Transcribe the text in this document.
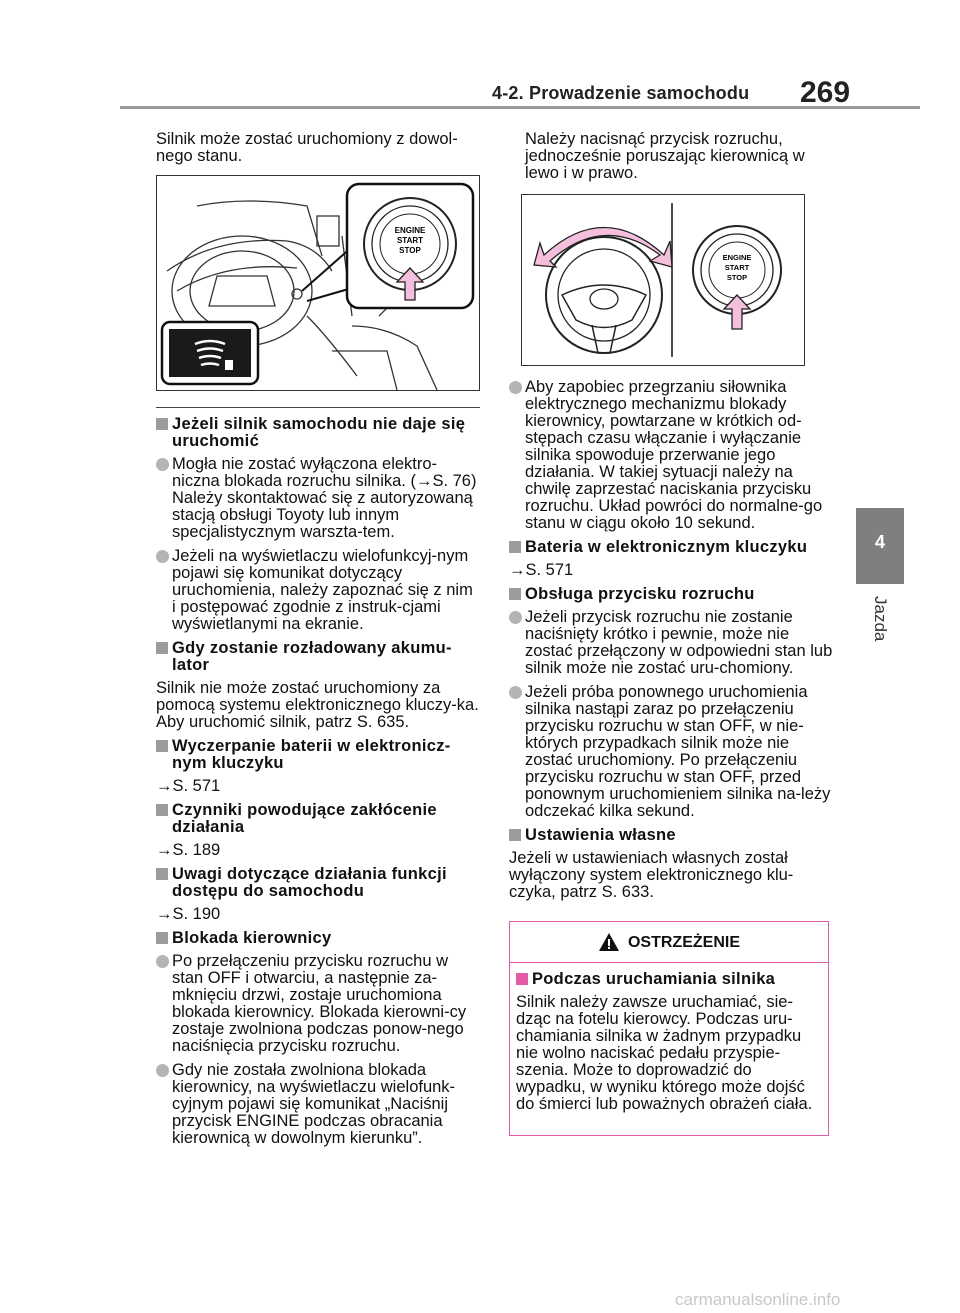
4-2. Prowadzenie samochodu 269
4
Jazda

Silnik może zostać uruchomiony z dowol-nego stanu.

ENGINE
START
STOP
Jeżeli silnik samochodu nie daje się uruchomić
Mogła nie zostać wyłączona elektro-niczna blokada rozruchu silnika. (→S. 76) Należy skontaktować się z autoryzowaną stacją obsługi Toyoty lub innym specjalistycznym warszta-tem.
Jeżeli na wyświetlaczu wielofunkcyj-nym pojawi się komunikat dotyczący uruchomienia, należy zapoznać się z nim i postępować zgodnie z instruk-cjami wyświetlanymi na ekranie.
Gdy zostanie rozładowany akumu-lator

Silnik nie może zostać uruchomiony za pomocą systemu elektronicznego kluczy-ka. Aby uruchomić silnik, patrz S. 635.

Wyczerpanie baterii w elektronicz-nym kluczyku
→S. 571
Czynniki powodujące zakłócenie działania
→S. 189
Uwagi dotyczące działania funkcji dostępu do samochodu
→S. 190
Blokada kierownicy
Po przełączeniu przycisku rozruchu w stan OFF i otwarciu, a następnie za-mknięciu drzwi, zostaje uruchomiona blokada kierownicy. Blokada kierowni-cy zostaje zwolniona podczas ponow-nego naciśnięcia przycisku rozruchu.
Gdy nie została zwolniona blokada kierownicy, na wyświetlaczu wielofunk-cyjnym pojawi się komunikat „Naciśnij przycisk ENGINE podczas obracania kierownicą w dowolnym kierunku”.

Należy nacisnąć przycisk rozruchu, jednocześnie poruszając kierownicą w lewo i w prawo.

ENGINE
START
STOP
Aby zapobiec przegrzaniu siłownika elektrycznego mechanizmu blokady kierownicy, powtarzane w krótkich od-stępach czasu włączanie i wyłączanie silnika spowoduje przerwanie jego działania. W takiej sytuacji należy na chwilę zaprzestać naciskania przycisku rozruchu. Układ powróci do normalne-go stanu w ciągu około 10 sekund.
Bateria w elektronicznym kluczyku
→S. 571
Obsługa przycisku rozruchu
Jeżeli przycisk rozruchu nie zostanie naciśnięty krótko i pewnie, może nie zostać przełączony w odpowiedni stan lub silnik może nie zostać uru-chomiony.
Jeżeli próba ponownego uruchomienia silnika nastąpi zaraz po przełączeniu przycisku rozruchu w stan OFF, w nie-których przypadkach silnik może nie zostać uruchomiony. Po przełączeniu przycisku rozruchu w stan OFF, przed ponownym uruchomieniem silnika na-leży odczekać kilka sekund.
Ustawienia własne

Jeżeli w ustawieniach własnych został wyłączony system elektronicznego klu-czyka, patrz S. 633.

OSTRZEŻENIE
Podczas uruchamiania silnika

Silnik należy zawsze uruchamiać, sie-dząc na fotelu kierowcy. Podczas uru-chamiania silnika w żadnym przypadku nie wolno naciskać pedału przyspie-szenia. Może to doprowadzić do wypadku, w wyniku którego może dojść do śmierci lub poważnych obrażeń ciała.

carmanualsonline.info
